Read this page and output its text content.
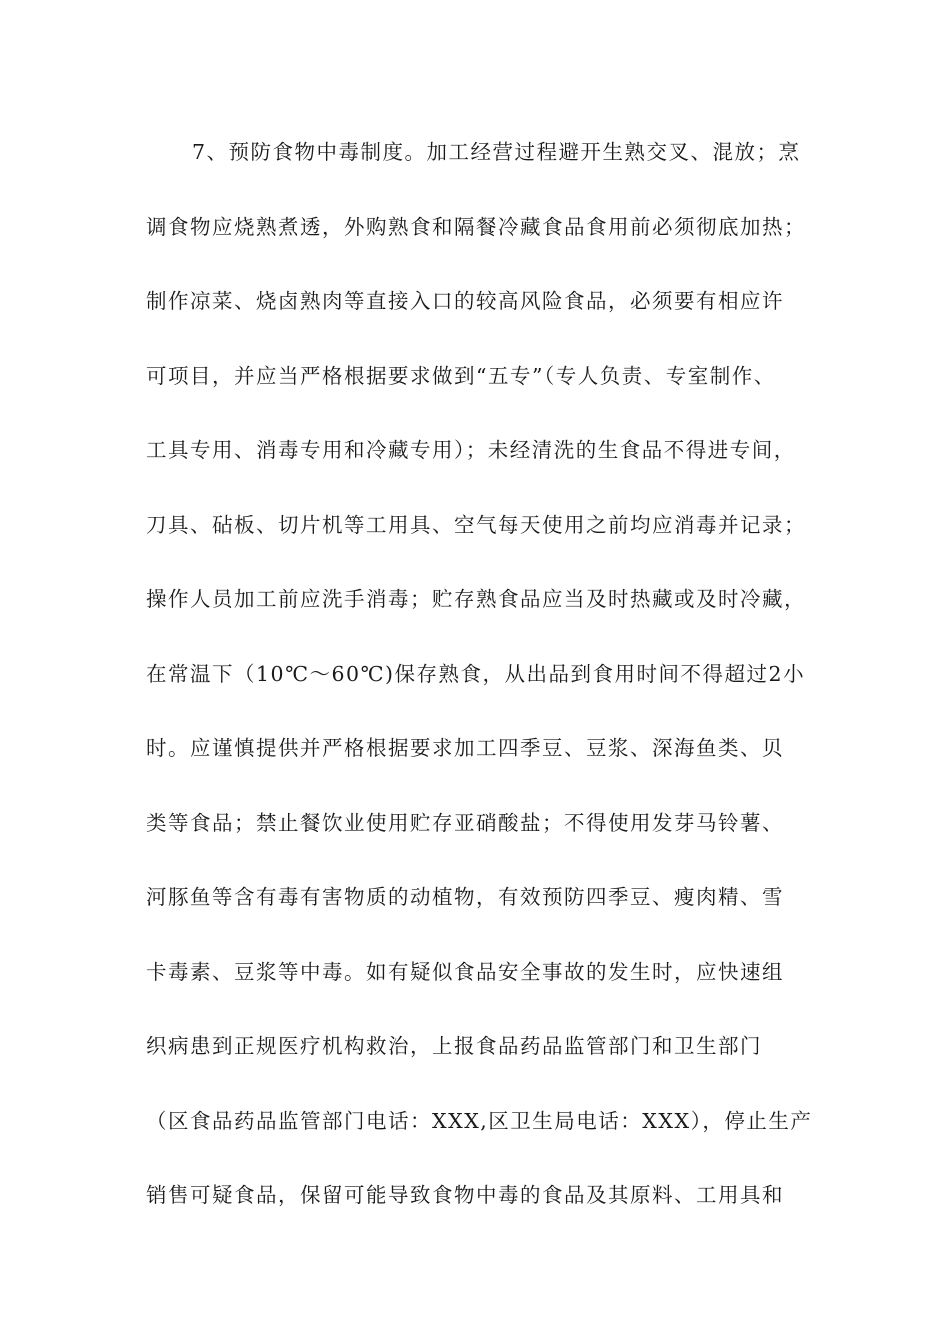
7、预防食物中毒制度。加工经营过程避开生熟交叉、混放；烹
调食物应烧熟煮透，外购熟食和隔餐冷藏食品食用前必须彻底加热；
制作凉菜、烧卤熟肉等直接入口的较高风险食品，必须要有相应许
可项目，并应当严格根据要求做到“五专”（专人负责、专室制作、
工具专用、消毒专用和冷藏专用）；未经清洗的生食品不得进专间，
刀具、砧板、切片机等工用具、空气每天使用之前均应消毒并记录；
操作人员加工前应洗手消毒；贮存熟食品应当及时热藏或及时冷藏，
在常温下（10℃～60℃)保存熟食，从出品到食用时间不得超过2小
时。应谨慎提供并严格根据要求加工四季豆、豆浆、深海鱼类、贝
类等食品；禁止餐饮业使用贮存亚硝酸盐；不得使用发芽马铃薯、
河豚鱼等含有毒有害物质的动植物，有效预防四季豆、瘦肉精、雪
卡毒素、豆浆等中毒。如有疑似食品安全事故的发生时，应快速组
织病患到正规医疗机构救治，上报食品药品监管部门和卫生部门
（区食品药品监管部门电话：XXX,区卫生局电话：XXX），停止生产
销售可疑食品，保留可能导致食物中毒的食品及其原料、工用具和
